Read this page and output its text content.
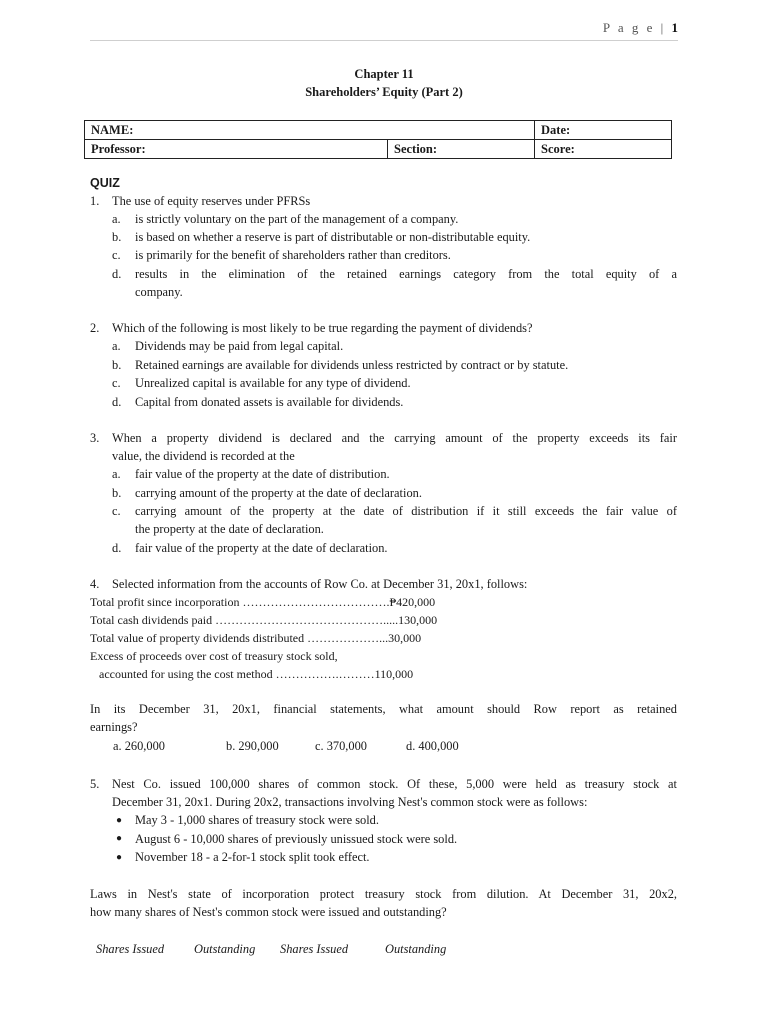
P a g e | 1
Chapter 11
Shareholders’ Equity (Part 2)
NAME:		Date:
Professor:	Section:	Score:
QUIZ
1. The use of equity reserves under PFRSs
a. is strictly voluntary on the part of the management of a company.
b. is based on whether a reserve is part of distributable or non-distributable equity.
c. is primarily for the benefit of shareholders rather than creditors.
d. results in the elimination of the retained earnings category from the total equity of a
company.
2. Which of the following is most likely to be true regarding the payment of dividends?
a. Dividends may be paid from legal capital.
b. Retained earnings are available for dividends unless restricted by contract or by statute.
c. Unrealized capital is available for any type of dividend.
d. Capital from donated assets is available for dividends.
3. When a property dividend is declared and the carrying amount of the property exceeds its fair
value, the dividend is recorded at the
a. fair value of the property at the date of distribution.
b. carrying amount of the property at the date of declaration.
c. carrying amount of the property at the date of distribution if it still exceeds the fair value of
the property at the date of declaration.
d. fair value of the property at the date of declaration.
4. Selected information from the accounts of Row Co. at December 31, 20x1, follows:
Total profit since incorporation ……………………………….₱420,000
Total cash dividends paid …………………………………….....130,000
Total value of property dividends distributed ………………...30,000
Excess of proceeds over cost of treasury stock sold,
accounted for using the cost method …………….………110,000
In its December 31, 20x1, financial statements, what amount should Row report as retained
earnings?
a. 260,000	b. 290,000	c. 370,000	d. 400,000
5. Nest Co. issued 100,000 shares of common stock. Of these, 5,000 were held as treasury stock at
December 31, 20x1. During 20x2, transactions involving Nest's common stock were as follows:
● May 3 - 1,000 shares of treasury stock were sold.
● August 6 - 10,000 shares of previously unissued stock were sold.
● November 18 - a 2-for-1 stock split took effect.
Laws in Nest's state of incorporation protect treasury stock from dilution. At December 31, 20x2,
how many shares of Nest's common stock were issued and outstanding?
Shares Issued Outstanding Shares Issued	Outstanding
